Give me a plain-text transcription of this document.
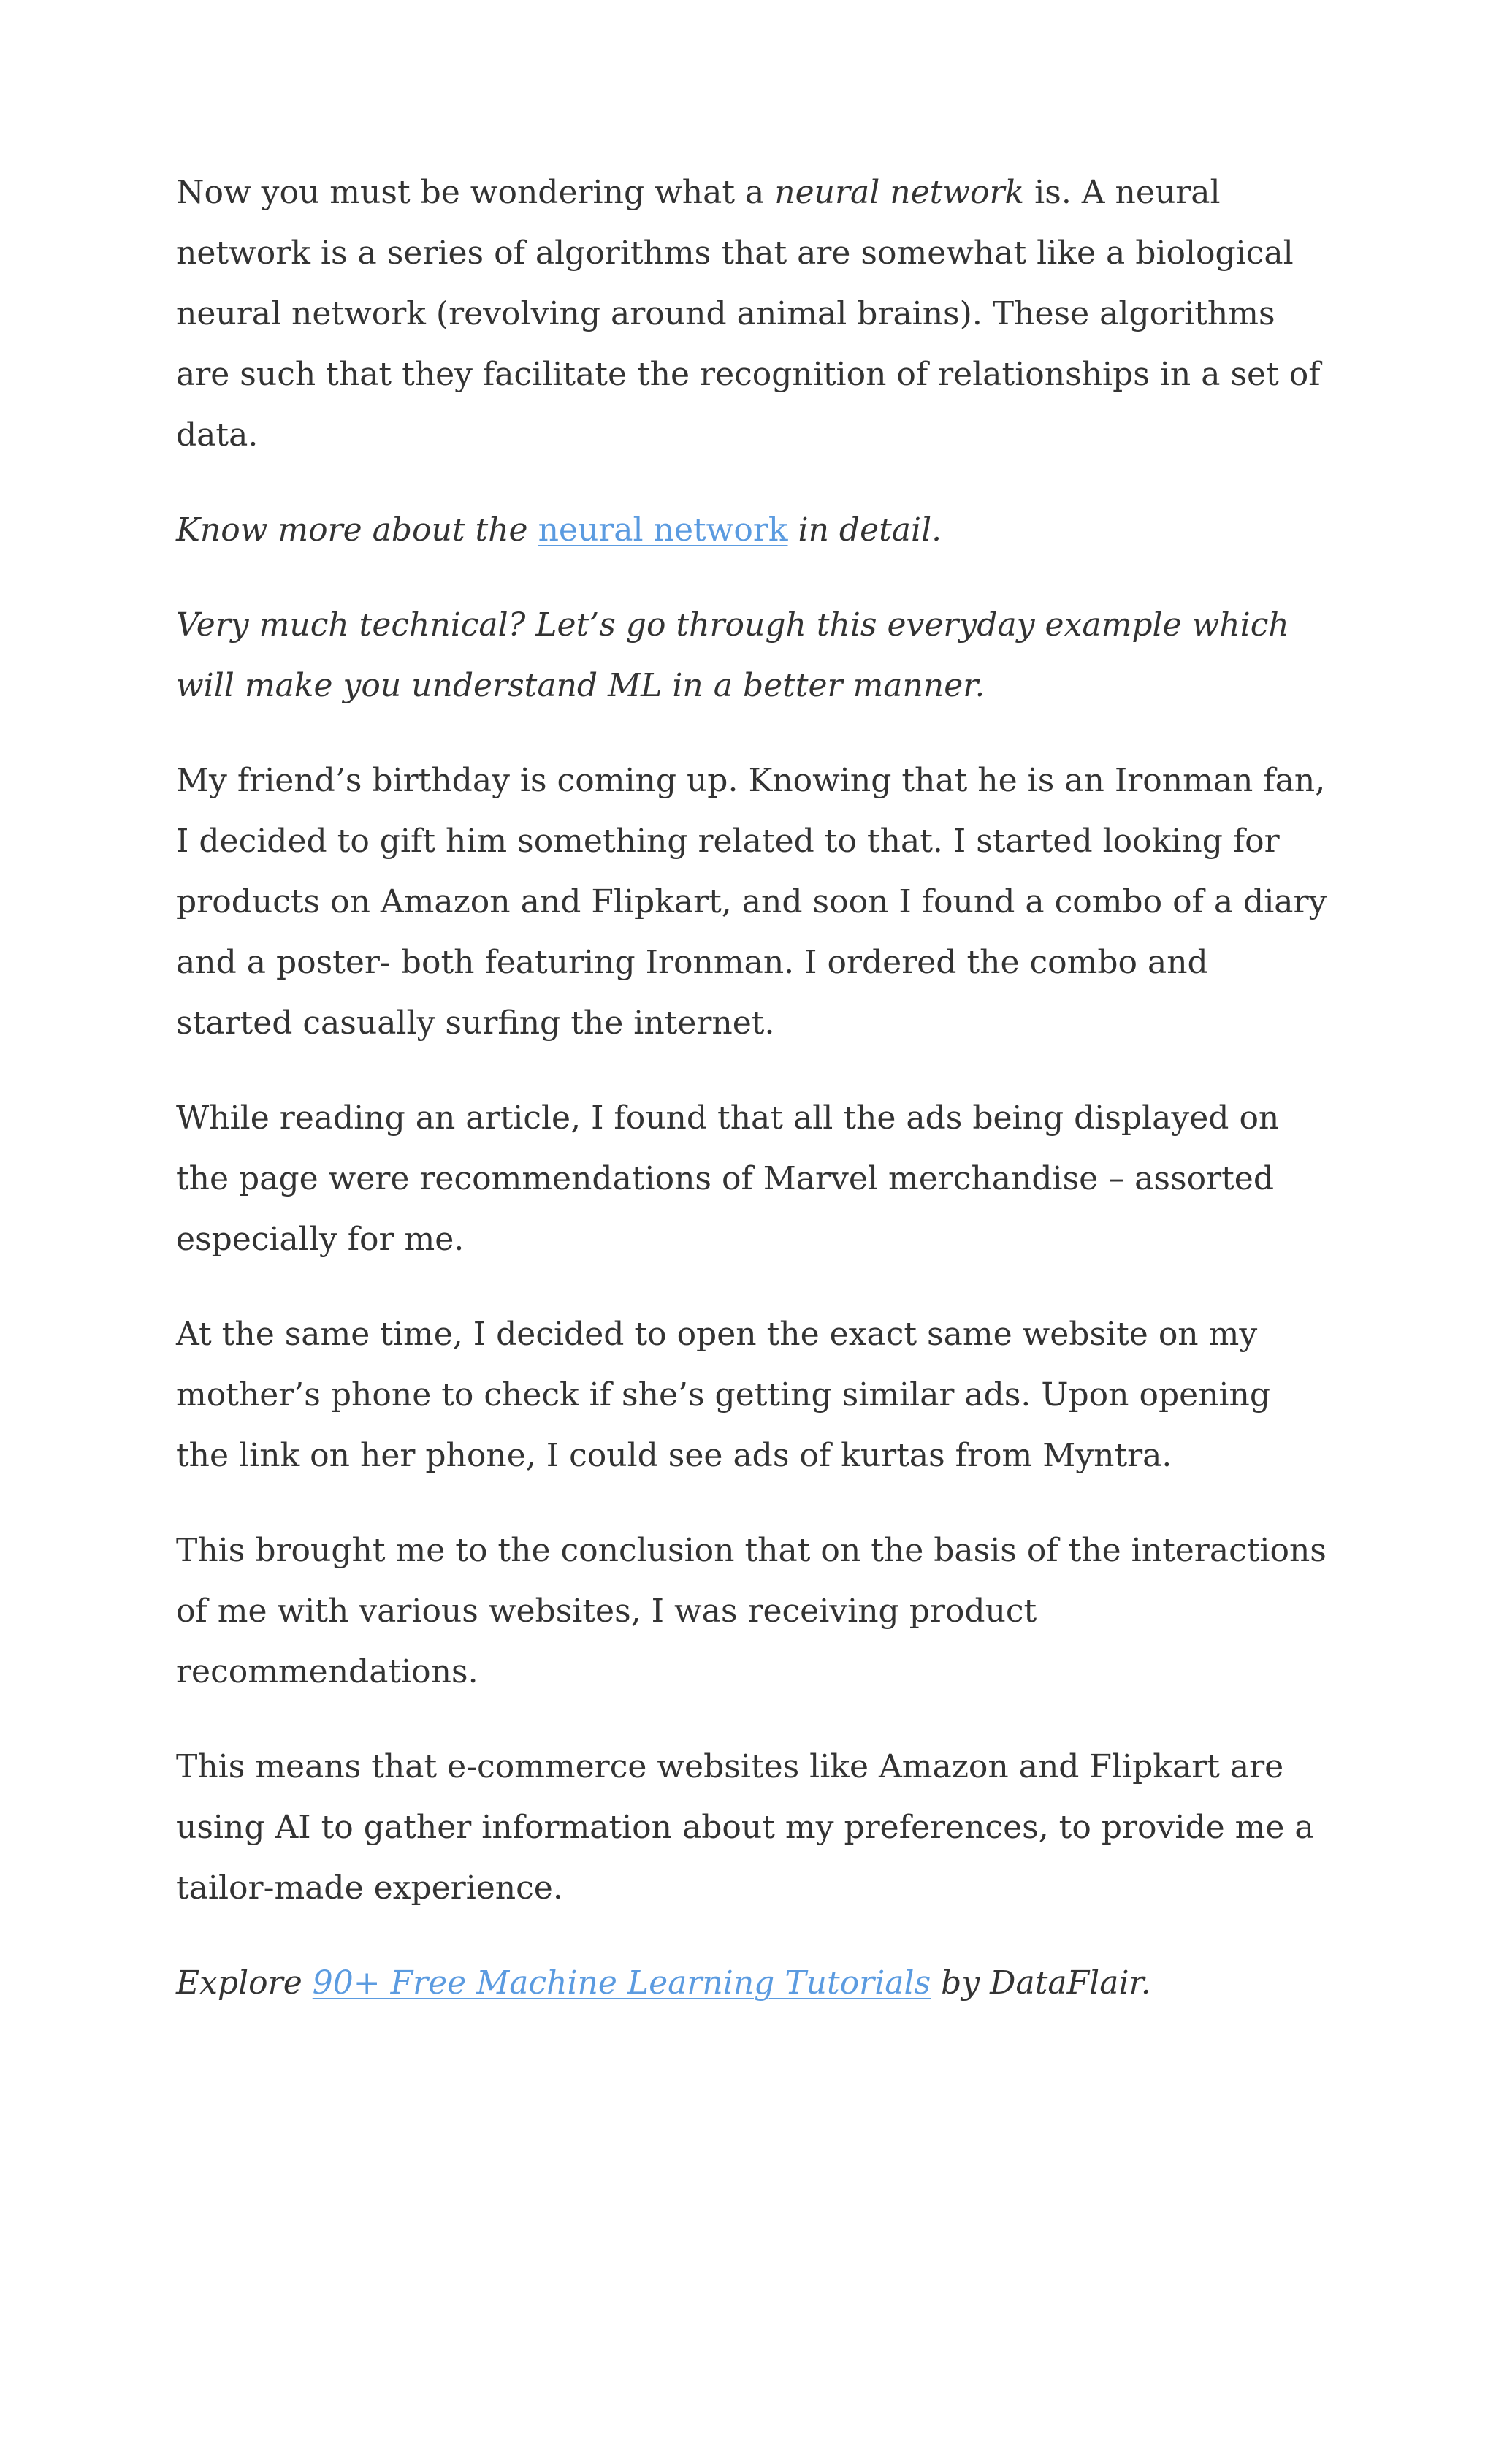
Now you must be wondering what a neural network is. A neural network is a series of algorithms that are somewhat like a biological neural network (revolving around animal brains). These algorithms are such that they facilitate the recognition of relationships in a set of data.

Know more about the neural network in detail.

Very much technical? Let’s go through this everyday example which will make you understand ML in a better manner.

My friend’s birthday is coming up. Knowing that he is an Ironman fan, I decided to gift him something related to that. I started looking for products on Amazon and Flipkart, and soon I found a combo of a diary and a poster- both featuring Ironman. I ordered the combo and started casually surfing the internet.

While reading an article, I found that all the ads being displayed on the page were recommendations of Marvel merchandise – assorted especially for me.

At the same time, I decided to open the exact same website on my mother’s phone to check if she’s getting similar ads. Upon opening the link on her phone, I could see ads of kurtas from Myntra.

This brought me to the conclusion that on the basis of the interactions of me with various websites, I was receiving product recommendations.

This means that e-commerce websites like Amazon and Flipkart are using AI to gather information about my preferences, to provide me a tailor-made experience.

Explore 90+ Free Machine Learning Tutorials by DataFlair.
